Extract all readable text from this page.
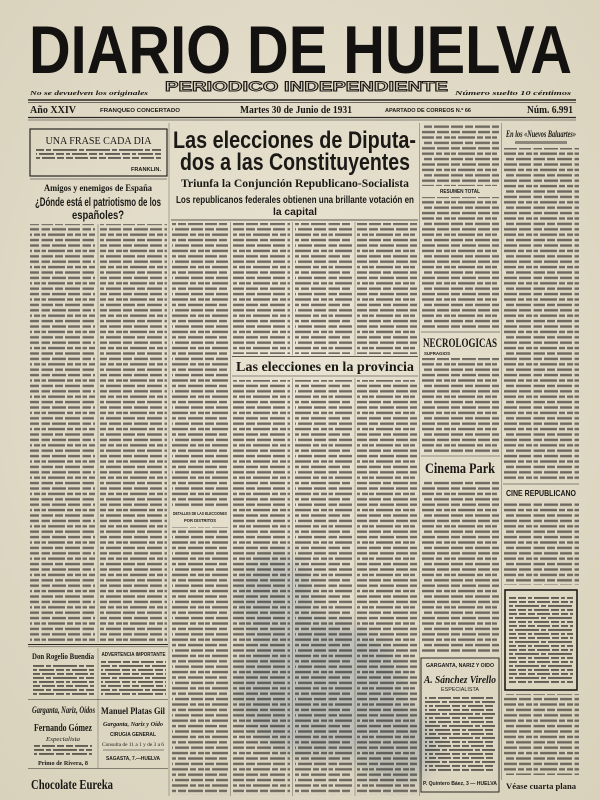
DIARIO DE HUELVA
PERIODICO INDEPENDIENTE
No se devuelven los originales	Número suelto 10 céntimos
Año XXIV	FRANQUEO CONCERTADO	Martes 30 de Junio de 1931	APARTADO DE CORREOS N.º 66	Núm. 6.991
UNA FRASE CADA DIA
FRANKLIN.
Amigos y enemigos de España
¿Dónde está el patriotismo de los
españoles?
Don Rogelio Buendía ADVERTENCIA IMPORTANTE
Garganta, Nariz, Oídos
Fernando Gómez
Especialista
Primo de Rivera, 8
Manuel Platas Gil
Garganta, Nariz y Oído
CIRUGIA GENERAL
Consulta de 11 a 1 y de 3 a 6
SAGASTA, 7.—HUELVA
Chocolate Eureka
Las elecciones de Diputa-
dos a las Constituyentes
Triunfa la Conjunción Republicano-Socialista
Los republicanos federales obtienen una brillante votación en
la capital
DETALLES DE LAS ELECCIONES
POR DISTRITOS
Las elecciones en la provincia
RESUMEN TOTAL
NECROLOGICAS
SUFRAGIOS
Cinema Park
GARGANTA, NARIZ Y OIDO
A. Sánchez Virello
ESPECIALISTA
P. Quintero Báez, 3 — HUELVA
En los «Nuevos Baluartes»
CINE REPUBLICANO
Véase cuarta plana
